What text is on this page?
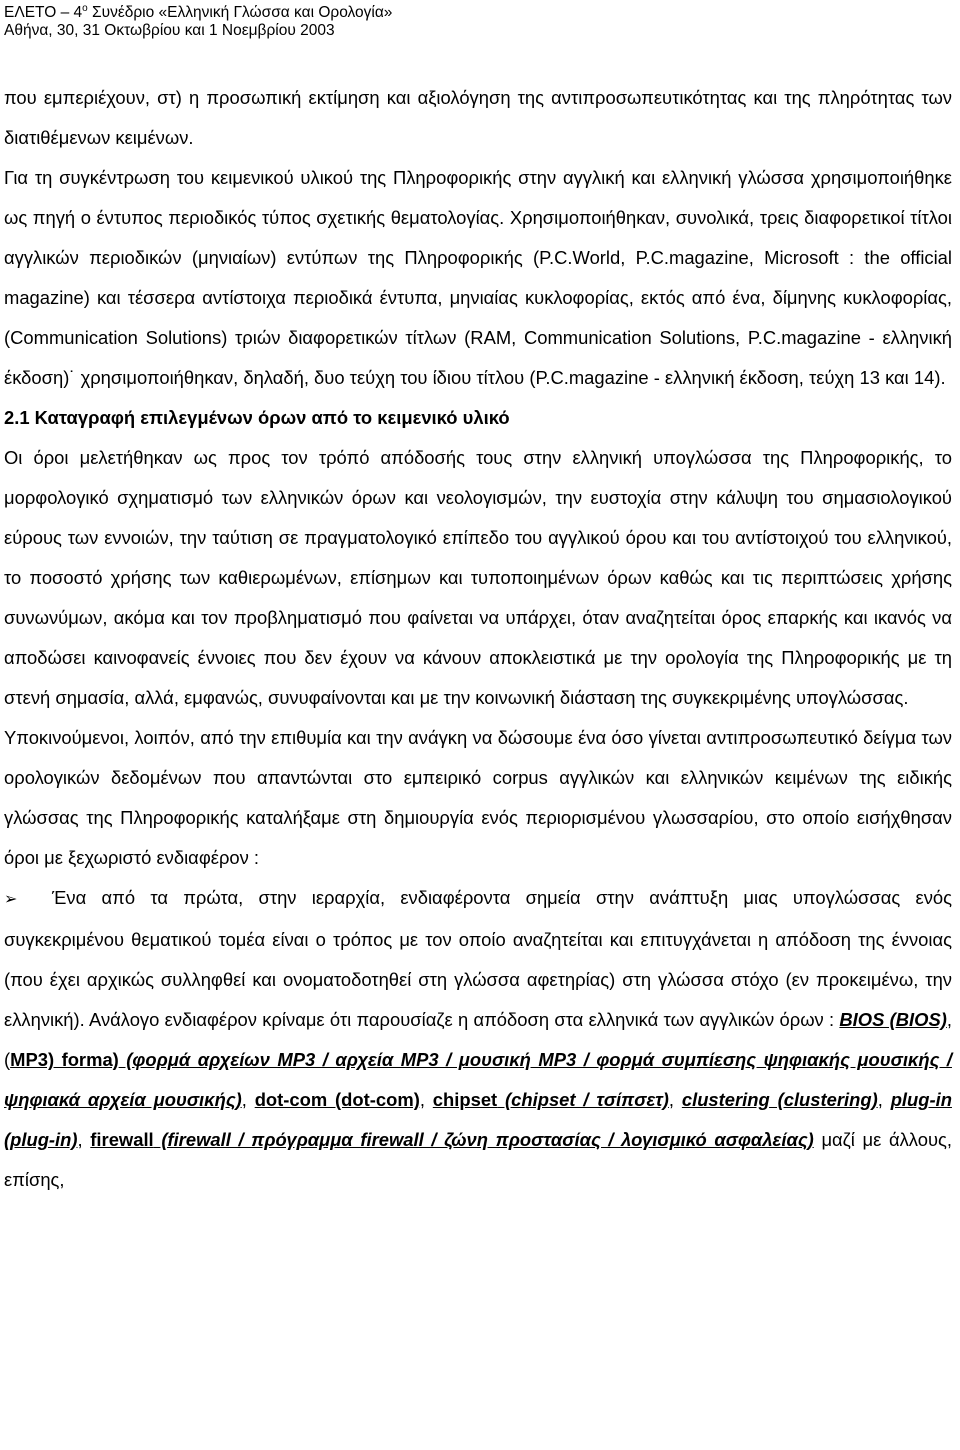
ΕΛΕΤΟ – $4^o$ Συνέδριο «Ελληνική Γλώσσα και Ορολογία»
Αθήνα, 30, 31 Οκτωβρίου και 1 Νοεμβρίου 2003

που εμπεριέχουν, στ) η προσωπική εκτίμηση και αξιολόγηση της αντιπροσωπευτικότητας και της πληρότητας των διατιθέμενων κειμένων.

Για τη συγκέντρωση του κειμενικού υλικού της Πληροφορικής στην αγγλική και ελληνική γλώσσα χρησιμοποιήθηκε ως πηγή ο έντυπος περιοδικός τύπος σχετικής θεματολογίας. Χρησιμοποιήθηκαν, συνολικά, τρεις διαφορετικοί τίτλοι αγγλικών περιοδικών (μηνιαίων) εντύπων της Πληροφορικής (P.C.World, P.C.magazine, Microsoft : the official magazine) και τέσσερα αντίστοιχα περιοδικά έντυπα, μηνιαίας κυκλοφορίας, εκτός από ένα, δίμηνης κυκλοφορίας, (Communication Solutions) τριών διαφορετικών τίτλων (RAM, Communication Solutions, P.C.magazine - ελληνική έκδοση)˙ χρησιμοποιήθηκαν, δηλαδή, δυο τεύχη του ίδιου τίτλου (P.C.magazine - ελληνική έκδοση, τεύχη 13 και 14).

2.1 Καταγραφή επιλεγμένων όρων από το κειμενικό υλικό

Οι όροι μελετήθηκαν ως προς τον τρόπό απόδοσής τους στην ελληνική υπογλώσσα της Πληροφορικής, το μορφολογικό σχηματισμό των ελληνικών όρων και νεολογισμών, την ευστοχία στην κάλυψη του σημασιολογικού εύρους των εννοιών, την ταύτιση σε πραγματολογικό επίπεδο του αγγλικού όρου και του αντίστοιχού του ελληνικού, το ποσοστό χρήσης των καθιερωμένων, επίσημων και τυποποιημένων όρων καθώς και τις περιπτώσεις χρήσης συνωνύμων, ακόμα και τον προβληματισμό που φαίνεται να υπάρχει, όταν αναζητείται όρος επαρκής και ικανός να αποδώσει καινοφανείς έννοιες που δεν έχουν να κάνουν αποκλειστικά με την ορολογία της Πληροφορικής με τη στενή σημασία, αλλά, εμφανώς, συνυφαίνονται και με την κοινωνική διάσταση της συγκεκριμένης υπογλώσσας.

Υποκινούμενοι, λοιπόν, από την επιθυμία και την ανάγκη να δώσουμε ένα όσο γίνεται αντιπροσωπευτικό δείγμα των ορολογικών δεδομένων που απαντώνται στο εμπειρικό corpus αγγλικών και ελληνικών κειμένων της ειδικής γλώσσας της Πληροφορικής καταλήξαμε στη δημιουργία ενός περιορισμένου γλωσσαρίου, στο οποίο εισήχθησαν όροι με ξεχωριστό ενδιαφέρον :

➢ Ένα από τα πρώτα, στην ιεραρχία, ενδιαφέροντα σημεία στην ανάπτυξη μιας υπογλώσσας ενός συγκεκριμένου θεματικού τομέα είναι ο τρόπος με τον οποίο αναζητείται και επιτυγχάνεται η απόδοση της έννοιας (που έχει αρχικώς συλληφθεί και ονοματοδοτηθεί στη γλώσσα αφετηρίας) στη γλώσσα στόχο (εν προκειμένω, την ελληνική). Ανάλογο ενδιαφέρον κρίναμε ότι παρουσίαζε η απόδοση στα ελληνικά των αγγλικών όρων : BIOS (BIOS), (MP3) forma) (φορμά αρχείων MP3 / αρχεία MP3 / μουσική MP3 / φορμά συμπίεσης ψηφιακής μουσικής / ψηφιακά αρχεία μουσικής), dot-com (dot-com), chipset (chipset / τσίπσετ), clustering (clustering), plug-in (plug-in), firewall (firewall / πρόγραμμα firewall / ζώνη προστασίας / λογισμικό ασφαλείας) μαζί με άλλους, επίσης,
